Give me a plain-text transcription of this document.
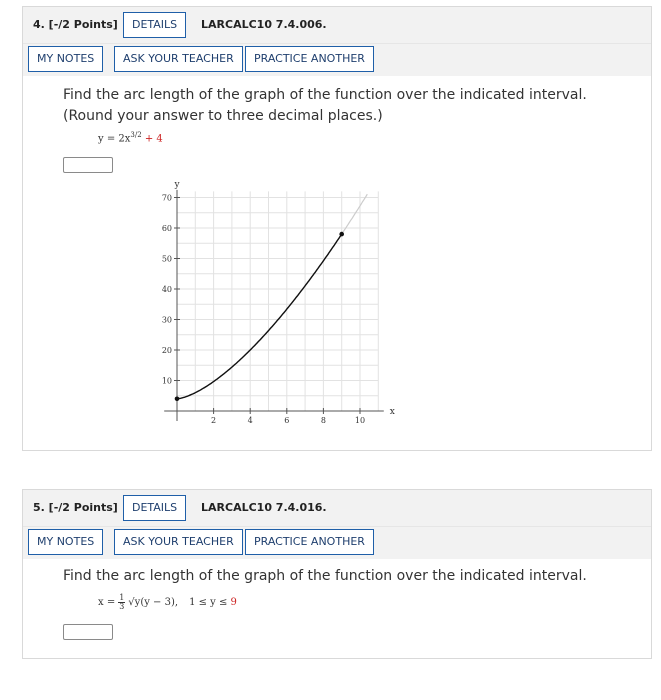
4. [-/2 Points]	DETAILS	LARCALC10 7.4.006.
MY NOTES	ASK YOUR TEACHER	PRACTICE ANOTHER
Find the arc length of the graph of the function over the indicated interval. (Round your answer to three decimal places.)
$y = 2x^{3/2} + 4$
10
20
30
40
50
60
70
2	4	6	8	10
y
x
5. [-/2 Points]	DETAILS	LARCALC10 7.4.016.
MY NOTES	ASK YOUR TEACHER	PRACTICE ANOTHER
Find the arc length of the graph of the function over the indicated interval.
$x = \frac{1}{3} √y(y - 3)$, 1 ≤ y ≤ 9
